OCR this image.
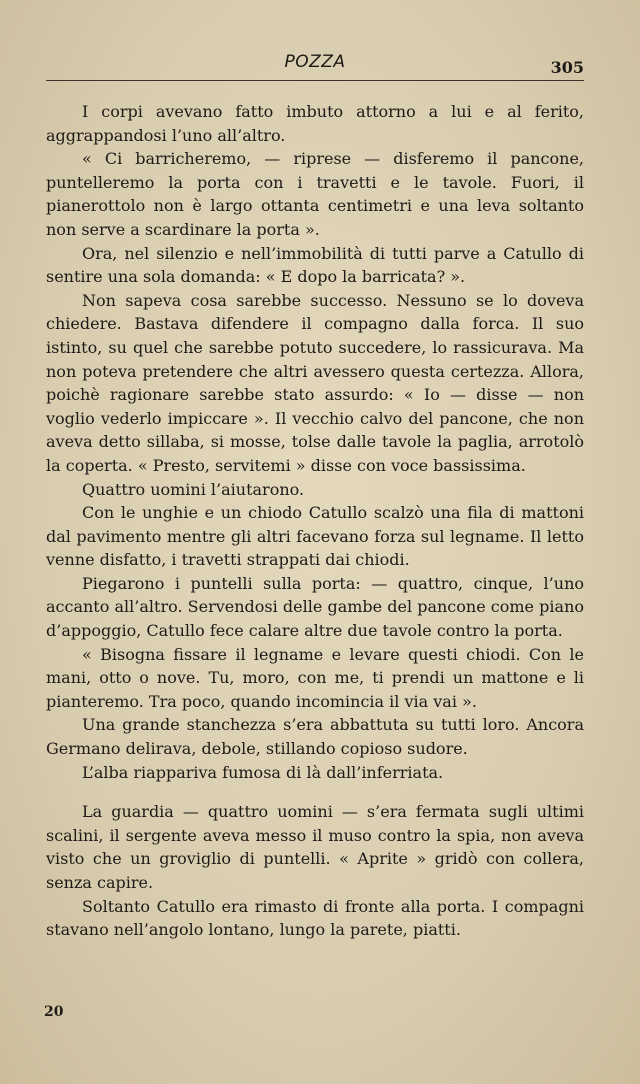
POZZA	305

I corpi avevano fatto imbuto attorno a lui e al ferito, aggrappandosi l’uno all’altro.

« Ci barricheremo, — riprese — disferemo il pancone, puntelleremo la porta con i travetti e le tavole. Fuori, il pianerottolo non è largo ottanta centimetri e una leva soltanto non serve a scardinare la porta ».

Ora, nel silenzio e nell’immobilità di tutti parve a Catullo di sentire una sola domanda: « E dopo la barricata? ».

Non sapeva cosa sarebbe successo. Nessuno se lo doveva chiedere. Bastava difendere il compagno dalla forca. Il suo istinto, su quel che sarebbe potuto succedere, lo rassicurava. Ma non poteva pretendere che altri avessero questa certezza. Allora, poichè ragionare sarebbe stato assurdo: « Io — disse — non voglio vederlo impiccare ». Il vecchio calvo del pancone, che non aveva detto sillaba, si mosse, tolse dalle tavole la paglia, arrotolò la coperta. « Presto, servitemi » disse con voce bassissima.

Quattro uomini l’aiutarono.

Con le unghie e un chiodo Catullo scalzò una fila di mattoni dal pavimento mentre gli altri facevano forza sul legname. Il letto venne disfatto, i travetti strappati dai chiodi.

Piegarono i puntelli sulla porta: — quattro, cinque, l’uno accanto all’altro. Servendosi delle gambe del pancone come piano d’appoggio, Catullo fece calare altre due tavole contro la porta.

« Bisogna fissare il legname e levare questi chiodi. Con le mani, otto o nove. Tu, moro, con me, ti prendi un mattone e li pianteremo. Tra poco, quando incomincia il via vai ».

Una grande stanchezza s’era abbattuta su tutti loro. Ancora Germano delirava, debole, stillando copioso sudore.

L’alba riappariva fumosa di là dall’inferriata.

La guardia — quattro uomini — s’era fermata sugli ultimi scalini, il sergente aveva messo il muso contro la spia, non aveva visto che un groviglio di puntelli. « Aprite » gridò con collera, senza capire.

Soltanto Catullo era rimasto di fronte alla porta. I compagni stavano nell’angolo lontano, lungo la parete, piatti.

20
